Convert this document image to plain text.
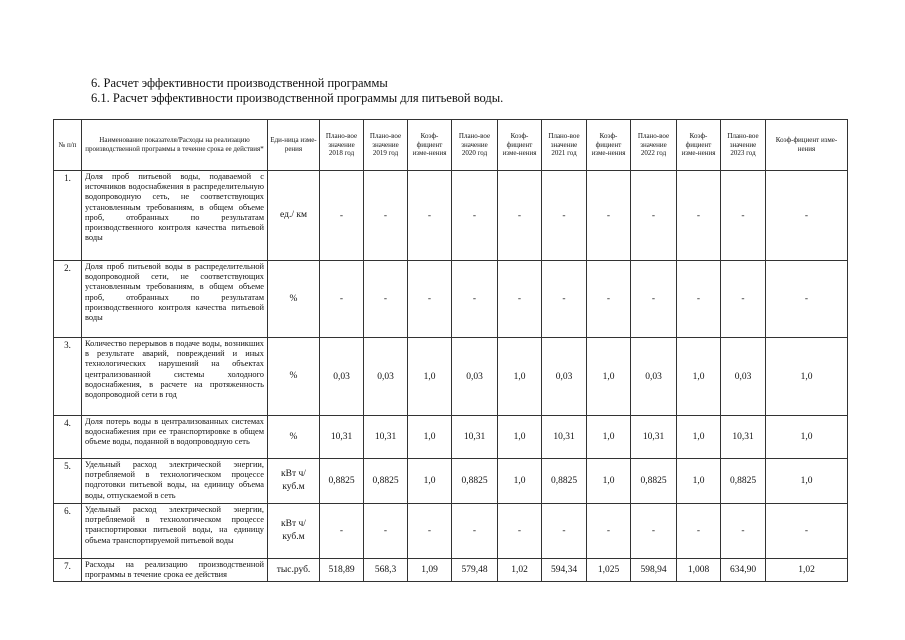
6. Расчет эффективности производственной программы
6.1. Расчет эффективности производственной программы для питьевой воды.
№ п/п	Наименование показателя/Расходы на реализацию производственной программы в течение срока ее действия*	Еди-ница изме-рения	Плано-вое значение 2018 год	Плано-вое значение 2019 год	Коэф-фициент изме-нения	Плано-вое значение 2020 год	Коэф-фициент изме-нения	Плано-вое значение 2021 год	Коэф-фициент изме-нения	Плано-вое значение 2022 год	Коэф-фициент изме-нения	Плано-вое значение 2023 год	Коэф-фициент изме-нения
1.	Доля проб питьевой воды, подаваемой с источников водоснабжения в распределительную водопроводную сеть, не соответствующих установленным требованиям, в общем объеме проб, отобранных по результатам производственного контроля качества питьевой воды	ед./ км	-	-	-	-	-	-	-	-	-	-	-
2.	Доля проб питьевой воды в распределительной водопроводной сети, не соответствующих установленным требованиям, в общем объеме проб, отобранных по результатам производственного контроля качества питьевой воды	%	-	-	-	-	-	-	-	-	-	-	-
3.	Количество перерывов в подаче воды, возникших в результате аварий, повреждений и иных технологических нарушений на объектах централизованной системы холодного водоснабжения, в расчете на протяженность водопроводной сети в год	%	0,03	0,03	1,0	0,03	1,0	0,03	1,0	0,03	1,0	0,03	1,0
4.	Доля потерь воды в централизованных системах водоснабжения при ее транспортировке в общем объеме воды, поданной в водопроводную сеть	%	10,31	10,31	1,0	10,31	1,0	10,31	1,0	10,31	1,0	10,31	1,0
5.	Удельный расход электрической энергии, потребляемой в технологическом процессе подготовки питьевой воды, на единицу объема воды, отпускаемой в сеть	кВт ч/куб.м	0,8825	0,8825	1,0	0,8825	1,0	0,8825	1,0	0,8825	1,0	0,8825	1,0
6.	Удельный расход электрической энергии, потребляемой в технологическом процессе транспортировки питьевой воды, на единицу объема транспортируемой питьевой воды	кВт ч/куб.м	-	-	-	-	-	-	-	-	-	-	-
7.	Расходы на реализацию производственной программы в течение срока ее действия	тыс.руб.	518,89	568,3	1,09	579,48	1,02	594,34	1,025	598,94	1,008	634,90	1,02
